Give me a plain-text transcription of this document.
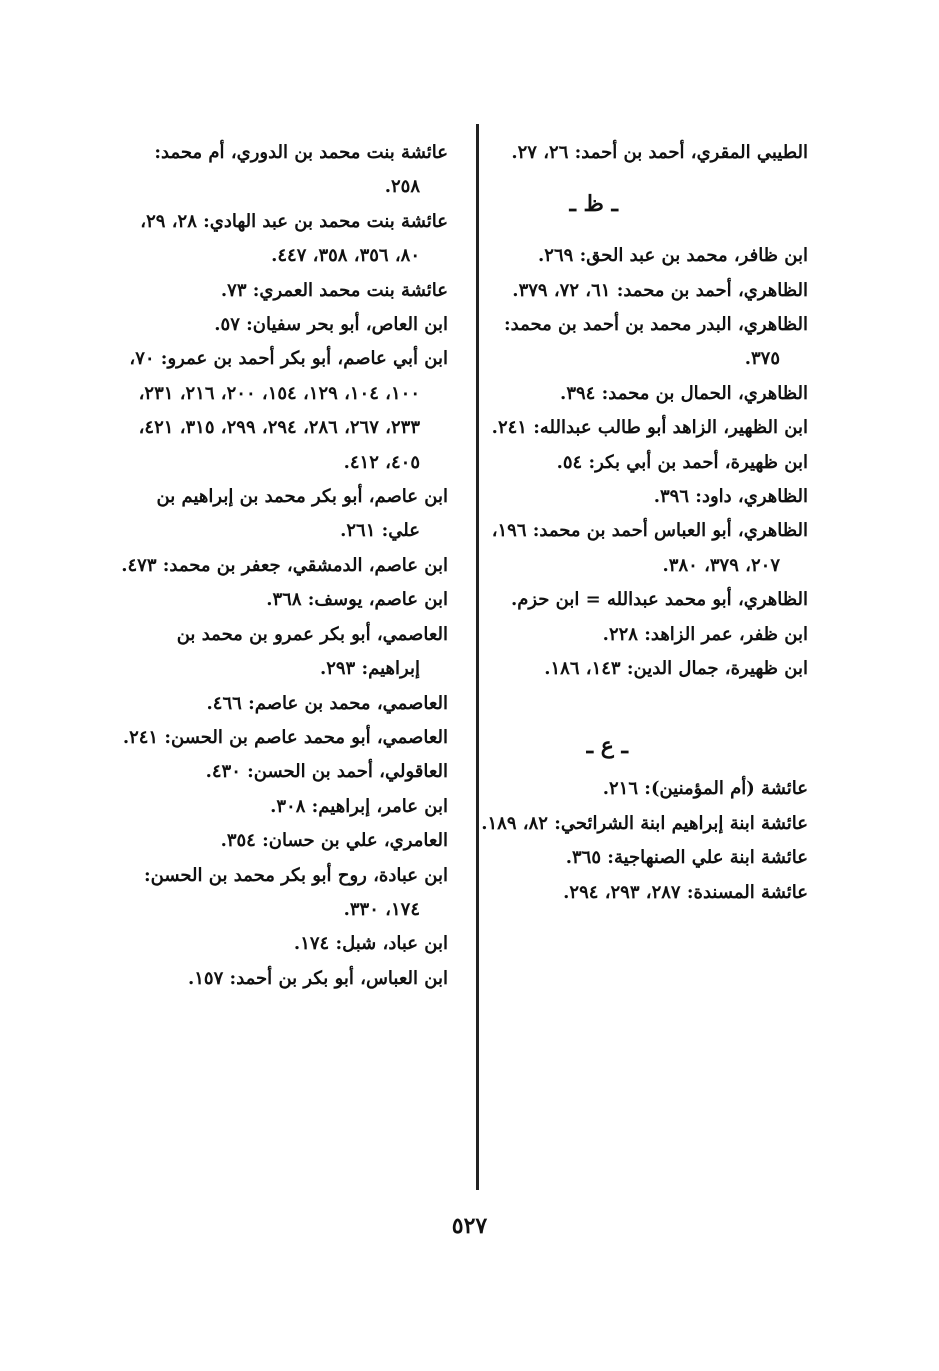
الطيبي المقري، أحمد بن أحمد: ٢٦، ٢٧.

ـ ظ ـ

ابن ظافر، محمد بن عبد الحق: ٢٦٩.

الظاهري، أحمد بن محمد: ٦١، ٧٢، ٣٧٩.

الظاهري، البدر محمد بن أحمد بن محمد: ٣٧٥.

الظاهري، الحمال بن محمد: ٣٩٤.

ابن الظهير، الزاهد أبو طالب عبدالله: ٢٤١.

ابن ظهيرة، أحمد بن أبي بكر: ٥٤.

الظاهري، داود: ٣٩٦.

الظاهري، أبو العباس أحمد بن محمد: ١٩٦، ٢٠٧، ٣٧٩، ٣٨٠.

الظاهري، أبو محمد عبدالله = ابن حزم.

ابن ظفر، عمر الزاهد: ٢٢٨.

ابن ظهيرة، جمال الدين: ١٤٣، ١٨٦.

ـ ع ـ

عائشة (أم المؤمنين): ٢١٦.

عائشة ابنة إبراهيم ابنة الشرائحي: ٨٢، ١٨٩.

عائشة ابنة علي الصنهاجية: ٣٦٥.

عائشة المسندة: ٢٨٧، ٢٩٣، ٢٩٤.

عائشة بنت محمد بن الدوري، أم محمد: ٢٥٨.

عائشة بنت محمد بن عبد الهادي: ٢٨، ٢٩، ٨٠، ٣٥٦، ٣٥٨، ٤٤٧.

عائشة بنت محمد العمري: ٧٣.

ابن العاص، أبو بحر سفيان: ٥٧.

ابن أبي عاصم، أبو بكر أحمد بن عمرو: ٧٠، ١٠٠، ١٠٤، ١٢٩، ١٥٤، ٢٠٠، ٢١٦، ٢٣١، ٢٣٣، ٢٦٧، ٢٨٦، ٢٩٤، ٢٩٩، ٣١٥، ٤٢١، ٤٠٥، ٤١٢.

ابن عاصم، أبو بكر محمد بن إبراهيم بن علي: ٢٦١.

ابن عاصم، الدمشقي، جعفر بن محمد: ٤٧٣.

ابن عاصم، يوسف: ٣٦٨.

العاصمي، أبو بكر عمرو بن محمد بن إبراهيم: ٢٩٣.

العاصمي، محمد بن عاصم: ٤٦٦.

العاصمي، أبو محمد عاصم بن الحسن: ٢٤١.

العاقولي، أحمد بن الحسن: ٤٣٠.

ابن عامر، إبراهيم: ٣٠٨.

العامري، علي بن حسان: ٣٥٤.

ابن عبادة، روح أبو بكر محمد بن الحسن: ١٧٤، ٣٣٠.

ابن عباد، شبل: ١٧٤.

ابن العباس، أبو بكر بن أحمد: ١٥٧.

٥٢٧
